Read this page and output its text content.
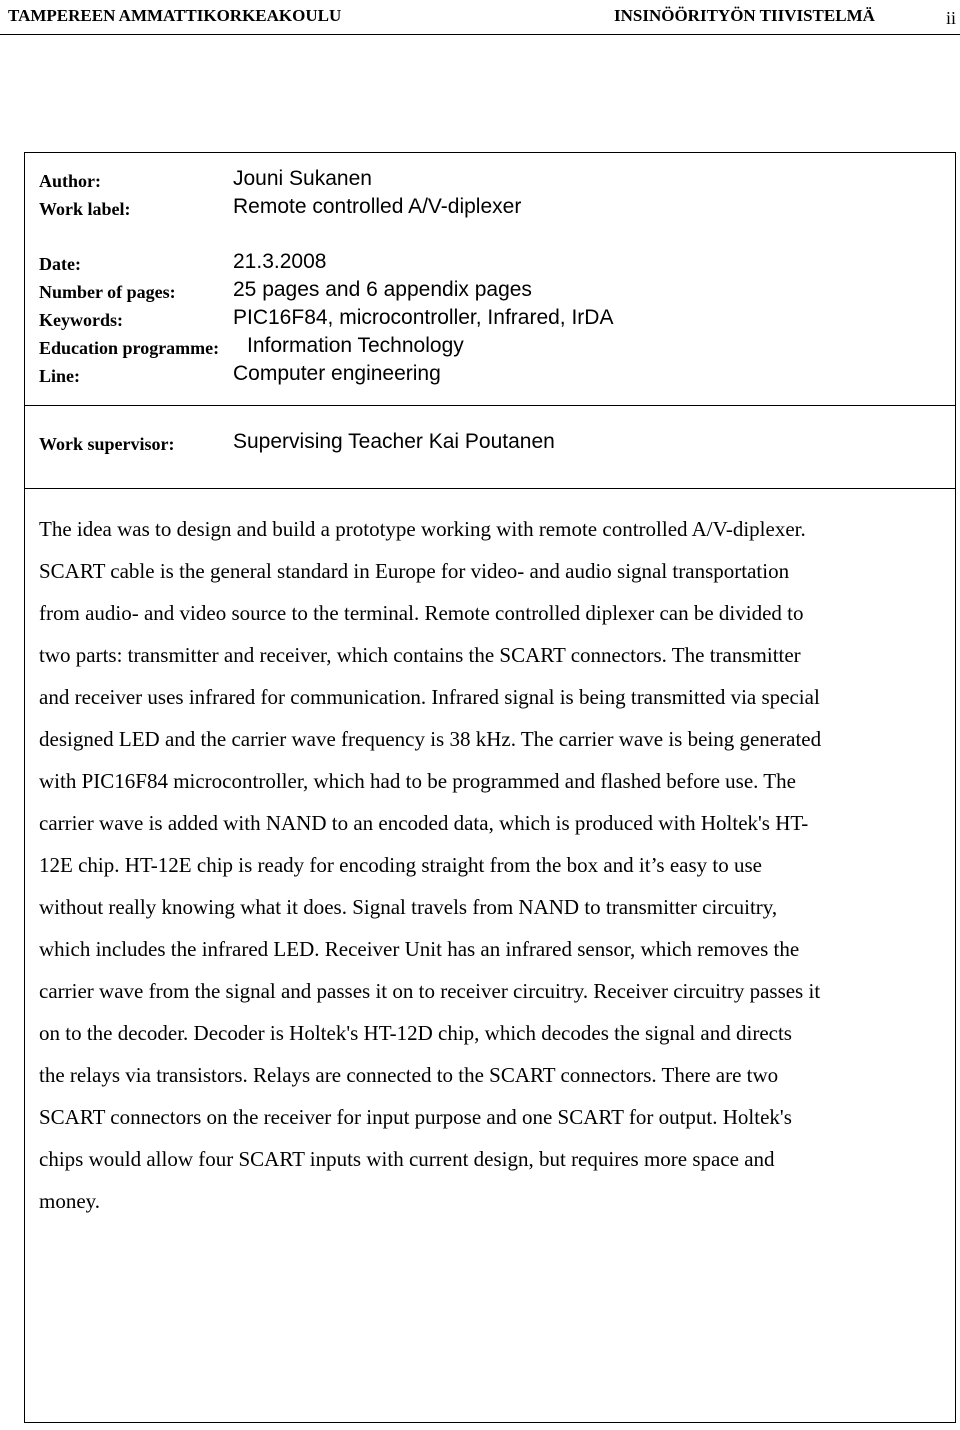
TAMPEREEN AMMATTIKORKEAKOULU	INSINÖÖRITYÖN TIIVISTELMÄ	ii
Author:	Jouni Sukanen
Work label:	Remote controlled A/V-diplexer
Date:	21.3.2008
Number of pages:	25 pages and 6 appendix pages
Keywords:	PIC16F84, microcontroller, Infrared, IrDA
Education programme: Information Technology
Line:	Computer engineering
Work supervisor:	Supervising Teacher Kai Poutanen
The idea was to design and build a prototype working with remote controlled A/V-diplexer.
SCART cable is the general standard in Europe for video- and audio signal transportation
from audio- and video source to the terminal. Remote controlled diplexer can be divided to
two parts: transmitter and receiver, which contains the SCART connectors. The transmitter
and receiver uses infrared for communication. Infrared signal is being transmitted via special
designed LED and the carrier wave frequency is 38 kHz. The carrier wave is being generated
with PIC16F84 microcontroller, which had to be programmed and flashed before use. The
carrier wave is added with NAND to an encoded data, which is produced with Holtek's HT-
12E chip. HT-12E chip is ready for encoding straight from the box and it’s easy to use
without really knowing what it does. Signal travels from NAND to transmitter circuitry,
which includes the infrared LED. Receiver Unit has an infrared sensor, which removes the
carrier wave from the signal and passes it on to receiver circuitry. Receiver circuitry passes it
on to the decoder. Decoder is Holtek's HT-12D chip, which decodes the signal and directs
the relays via transistors. Relays are connected to the SCART connectors. There are two
SCART connectors on the receiver for input purpose and one SCART for output. Holtek's
chips would allow four SCART inputs with current design, but requires more space and
money.
